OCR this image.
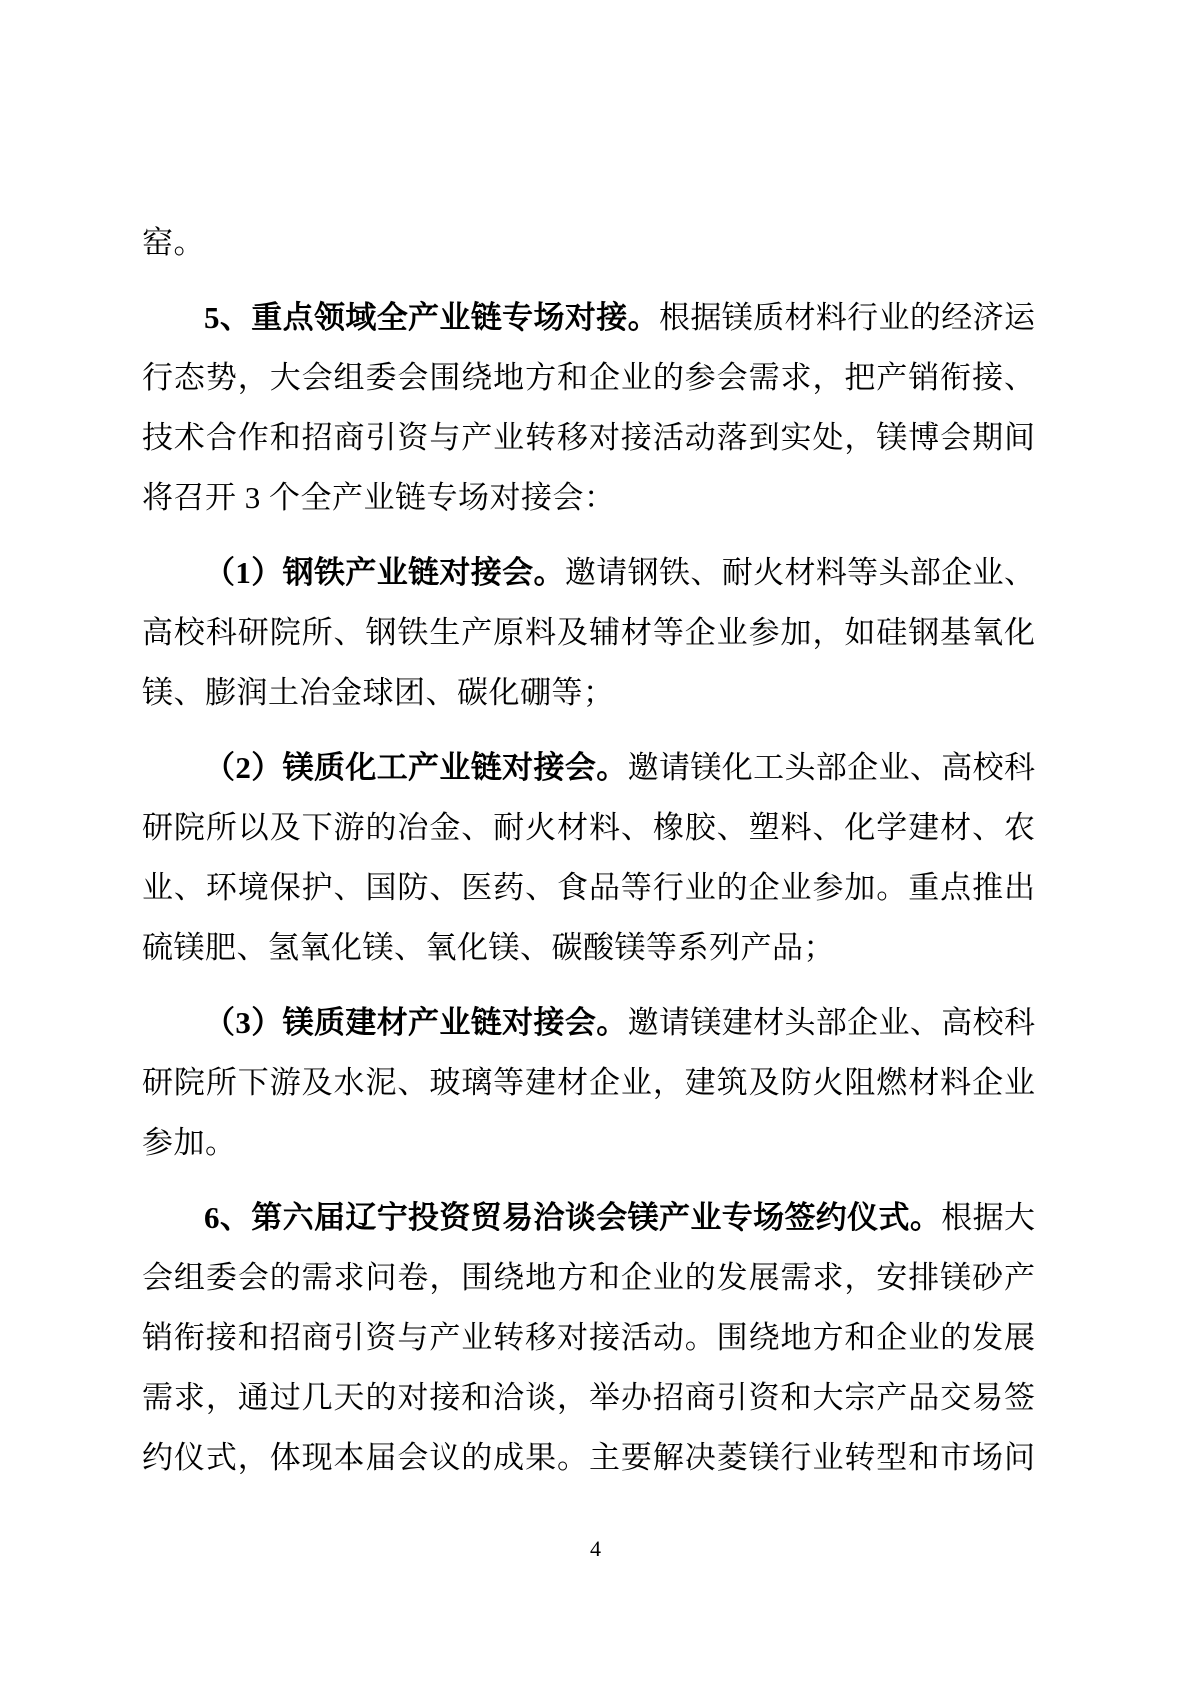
窑。
5、重点领域全产业链专场对接。根据镁质材料行业的经济运
行态势，大会组委会围绕地方和企业的参会需求，把产销衔接、
技术合作和招商引资与产业转移对接活动落到实处，镁博会期间
将召开 3 个全产业链专场对接会：
（1）钢铁产业链对接会。邀请钢铁、耐火材料等头部企业、
高校科研院所、钢铁生产原料及辅材等企业参加，如硅钢基氧化
镁、膨润土冶金球团、碳化硼等；
（2）镁质化工产业链对接会。邀请镁化工头部企业、高校科
研院所以及下游的冶金、耐火材料、橡胶、塑料、化学建材、农
业、环境保护、国防、医药、食品等行业的企业参加。重点推出
硫镁肥、氢氧化镁、氧化镁、碳酸镁等系列产品；
（3）镁质建材产业链对接会。邀请镁建材头部企业、高校科
研院所下游及水泥、玻璃等建材企业，建筑及防火阻燃材料企业
参加。
6、第六届辽宁投资贸易洽谈会镁产业专场签约仪式。根据大
会组委会的需求问卷，围绕地方和企业的发展需求，安排镁砂产
销衔接和招商引资与产业转移对接活动。围绕地方和企业的发展
需求，通过几天的对接和洽谈，举办招商引资和大宗产品交易签
约仪式，体现本届会议的成果。主要解决菱镁行业转型和市场问
4
